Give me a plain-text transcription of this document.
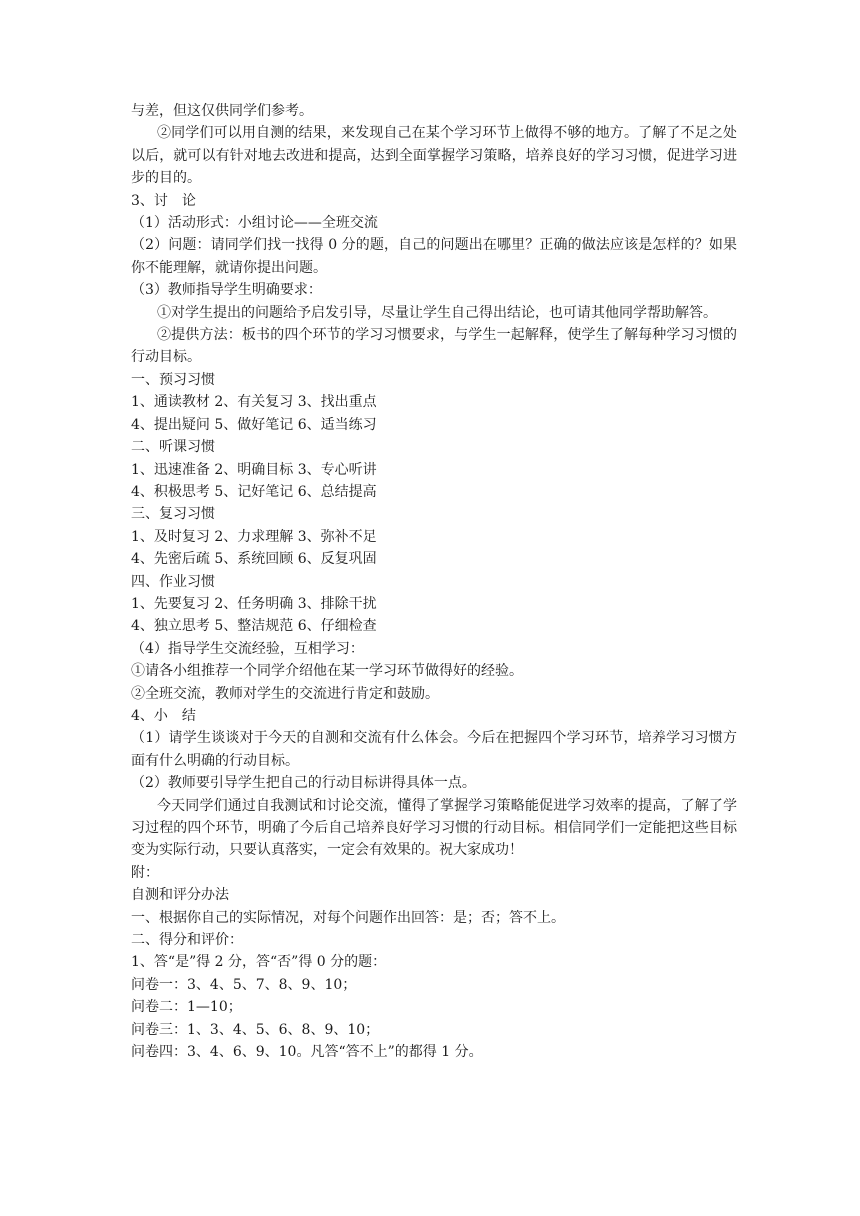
与差，但这仅供同学们参考。

②同学们可以用自测的结果，来发现自己在某个学习环节上做得不够的地方。了解了不足之处以后，就可以有针对地去改进和提高，达到全面掌握学习策略，培养良好的学习习惯，促进学习进步的目的。

3、讨　论

（1）活动形式：小组讨论——全班交流

（2）问题：请同学们找一找得 0 分的题，自己的问题出在哪里？正确的做法应该是怎样的？如果你不能理解，就请你提出问题。

（3）教师指导学生明确要求：

①对学生提出的问题给予启发引导，尽量让学生自己得出结论，也可请其他同学帮助解答。

②提供方法：板书的四个环节的学习习惯要求，与学生一起解释，使学生了解每种学习习惯的行动目标。

一、预习习惯

1、通读教材 2、有关复习 3、找出重点

4、提出疑问 5、做好笔记 6、适当练习

二、听课习惯

1、迅速准备 2、明确目标 3、专心听讲

4、积极思考 5、记好笔记 6、总结提高

三、复习习惯

1、及时复习 2、力求理解 3、弥补不足

4、先密后疏 5、系统回顾 6、反复巩固

四、作业习惯

1、先要复习 2、任务明确 3、排除干扰

4、独立思考 5、整洁规范 6、仔细检查

（4）指导学生交流经验，互相学习：

①请各小组推荐一个同学介绍他在某一学习环节做得好的经验。

②全班交流，教师对学生的交流进行肯定和鼓励。

4、小　结

（1）请学生谈谈对于今天的自测和交流有什么体会。今后在把握四个学习环节，培养学习习惯方面有什么明确的行动目标。

（2）教师要引导学生把自己的行动目标讲得具体一点。

今天同学们通过自我测试和讨论交流，懂得了掌握学习策略能促进学习效率的提高，了解了学习过程的四个环节，明确了今后自己培养良好学习习惯的行动目标。相信同学们一定能把这些目标变为实际行动，只要认真落实，一定会有效果的。祝大家成功！

附：

自测和评分办法

一、根据你自己的实际情况，对每个问题作出回答：是；否；答不上。

二、得分和评价：

1、答“是”得 2 分，答“否”得 0 分的题：

问卷一：3、4、5、7、8、9、10；

问卷二：1—10；

问卷三：1、3、4、5、6、8、9、10；

问卷四：3、4、6、9、10。凡答“答不上”的都得 1 分。
